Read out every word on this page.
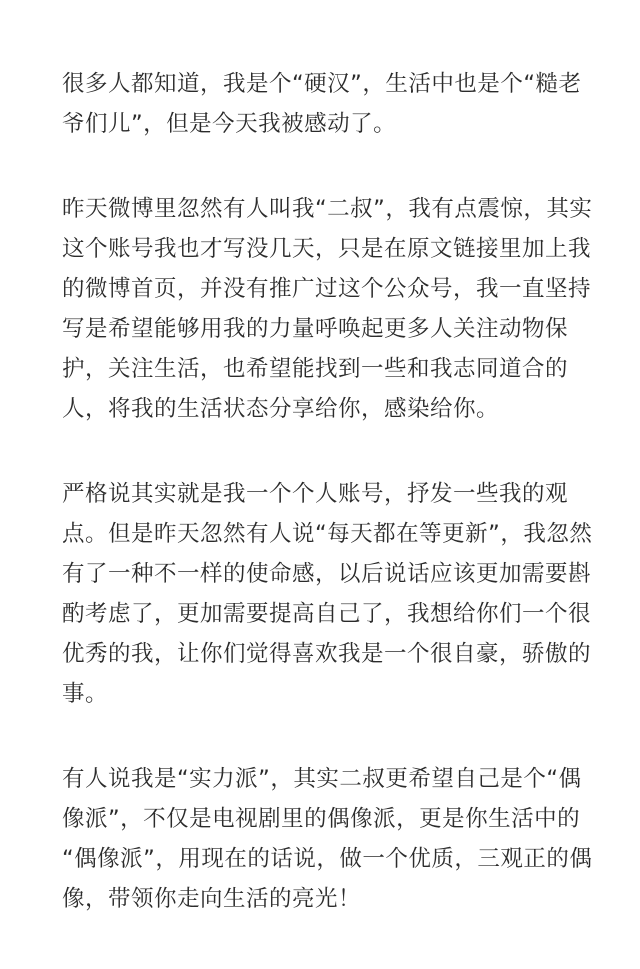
很多人都知道，我是个“硬汉”，生活中也是个“糙老
爷们儿”，但是今天我被感动了。
昨天微博里忽然有人叫我“二叔”，我有点震惊，其实
这个账号我也才写没几天，只是在原文链接里加上我
的微博首页，并没有推广过这个公众号，我一直坚持
写是希望能够用我的力量呼唤起更多人关注动物保
护，关注生活，也希望能找到一些和我志同道合的
人，将我的生活状态分享给你，感染给你。
严格说其实就是我一个个人账号，抒发一些我的观
点。但是昨天忽然有人说“每天都在等更新”，我忽然
有了一种不一样的使命感，以后说话应该更加需要斟
酌考虑了，更加需要提高自己了，我想给你们一个很
优秀的我，让你们觉得喜欢我是一个很自豪，骄傲的
事。
有人说我是“实力派”，其实二叔更希望自己是个“偶
像派”，不仅是电视剧里的偶像派，更是你生活中的
“偶像派”，用现在的话说，做一个优质，三观正的偶
像，带领你走向生活的亮光！
